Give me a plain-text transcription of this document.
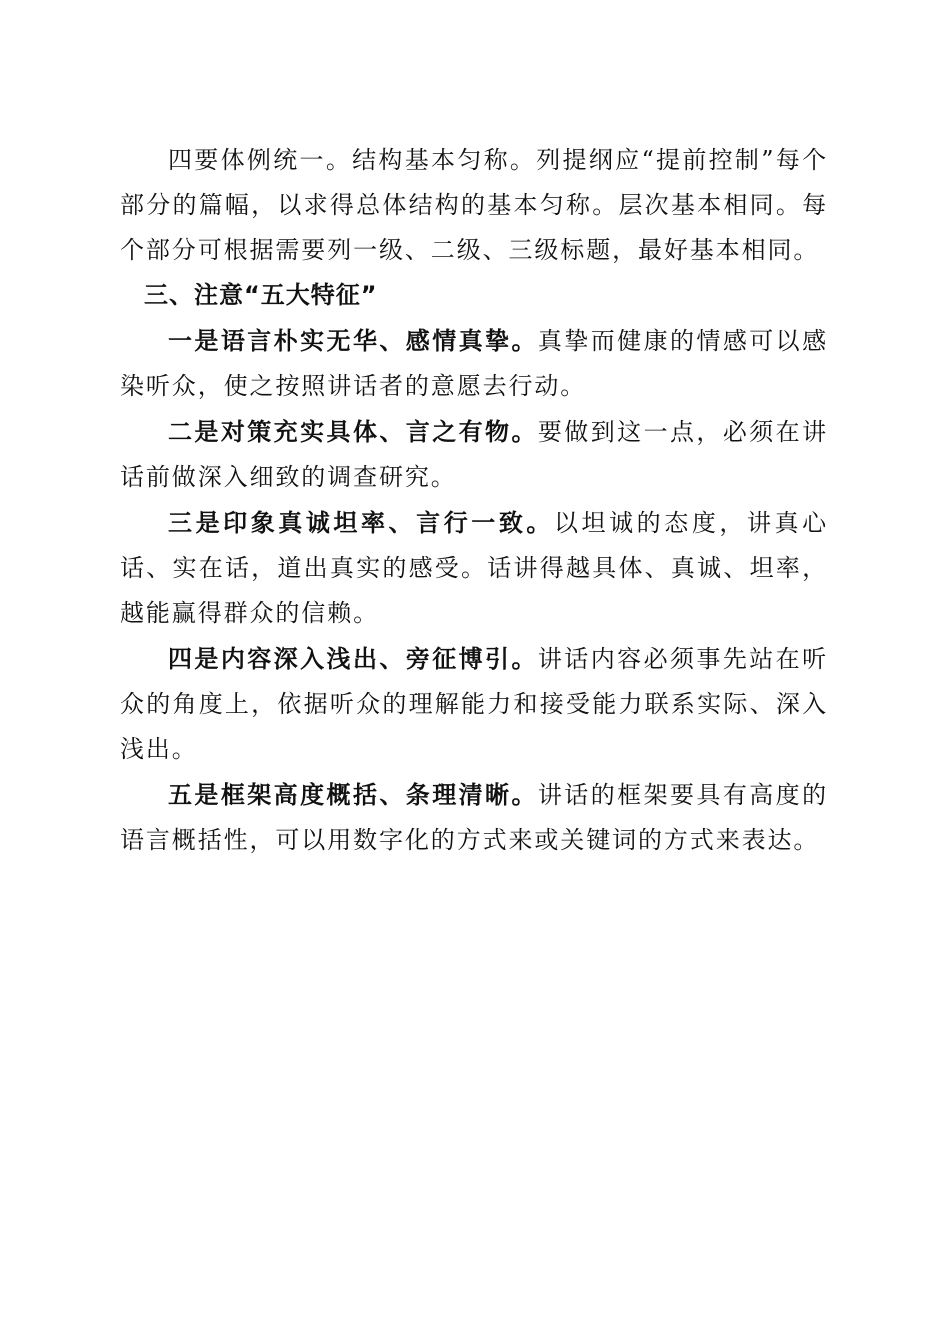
四要体例统一。结构基本匀称。列提纲应“提前控制”每个部分的篇幅，以求得总体结构的基本匀称。层次基本相同。每个部分可根据需要列一级、二级、三级标题，最好基本相同。

三、注意“五大特征”

一是语言朴实无华、感情真挚。真挚而健康的情感可以感染听众，使之按照讲话者的意愿去行动。

二是对策充实具体、言之有物。要做到这一点，必须在讲话前做深入细致的调查研究。

三是印象真诚坦率、言行一致。以坦诚的态度，讲真心话、实在话，道出真实的感受。话讲得越具体、真诚、坦率，越能赢得群众的信赖。

四是内容深入浅出、旁征博引。讲话内容必须事先站在听众的角度上，依据听众的理解能力和接受能力联系实际、深入浅出。

五是框架高度概括、条理清晰。讲话的框架要具有高度的语言概括性，可以用数字化的方式来或关键词的方式来表达。
